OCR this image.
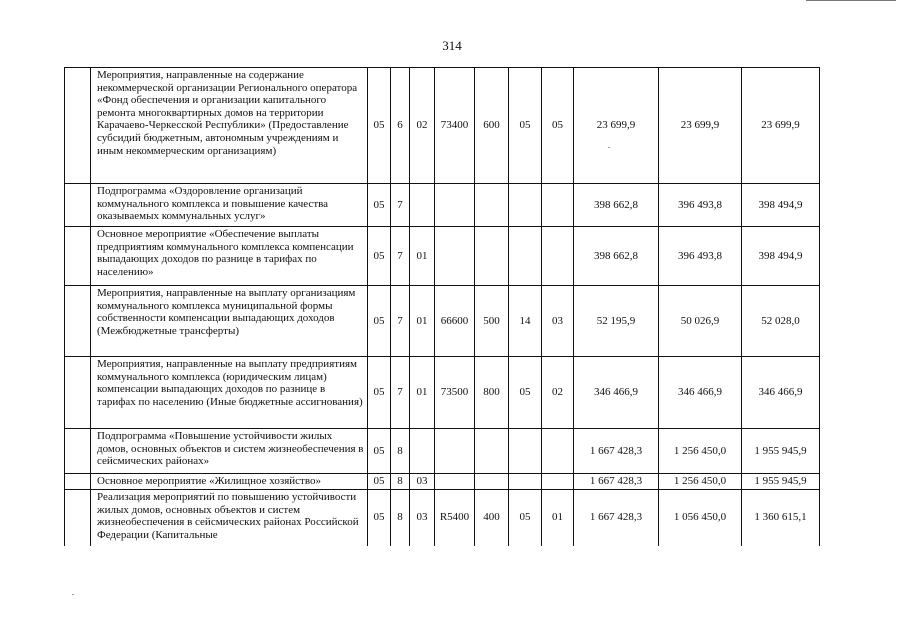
314
	Мероприятия, направленные на содержание некоммерческой организации Регионального оператора «Фонд обеспечения и организации капитального ремонта многоквартирных домов на территории Карачаево-Черкесской Республики» (Предоставление субсидий бюджетным, автономным учреждениям и иным некоммерческим организациям)	05	6	02	73400	600	05	05	23 699,9	23 699,9	23 699,9
	Подпрограмма «Оздоровление организаций коммунального комплекса и повышение качества оказываемых коммунальных услуг»	05	7						398 662,8	396 493,8	398 494,9
	Основное мероприятие «Обеспечение выплаты предприятиям коммунального комплекса компенсации выпадающих доходов по разнице в тарифах по населению»	05	7	01					398 662,8	396 493,8	398 494,9
	Мероприятия, направленные на выплату организациям коммунального комплекса муниципальной формы собственности компенсации выпадающих доходов (Межбюджетные трансферты)	05	7	01	66600	500	14	03	52 195,9	50 026,9	52 028,0
	Мероприятия, направленные на выплату предприятиям коммунального комплекса (юридическим лицам) компенсации выпадающих доходов по разнице в тарифах по населению (Иные бюджетные ассигнования)	05	7	01	73500	800	05	02	346 466,9	346 466,9	346 466,9
	Подпрограмма «Повышение устойчивости жилых домов, основных объектов и систем жизнеобеспечения в сейсмических районах»	05	8						1 667 428,3	1 256 450,0	1 955 945,9
	Основное мероприятие «Жилищное хозяйство»	05	8	03					1 667 428,3	1 256 450,0	1 955 945,9
	Реализация мероприятий по повышению устойчивости жилых домов, основных объектов и систем жизнеобеспечения в сейсмических районах Российской Федерации (Капитальные	05	8	03	R5400	400	05	01	1 667 428,3	1 056 450,0	1 360 615,1
